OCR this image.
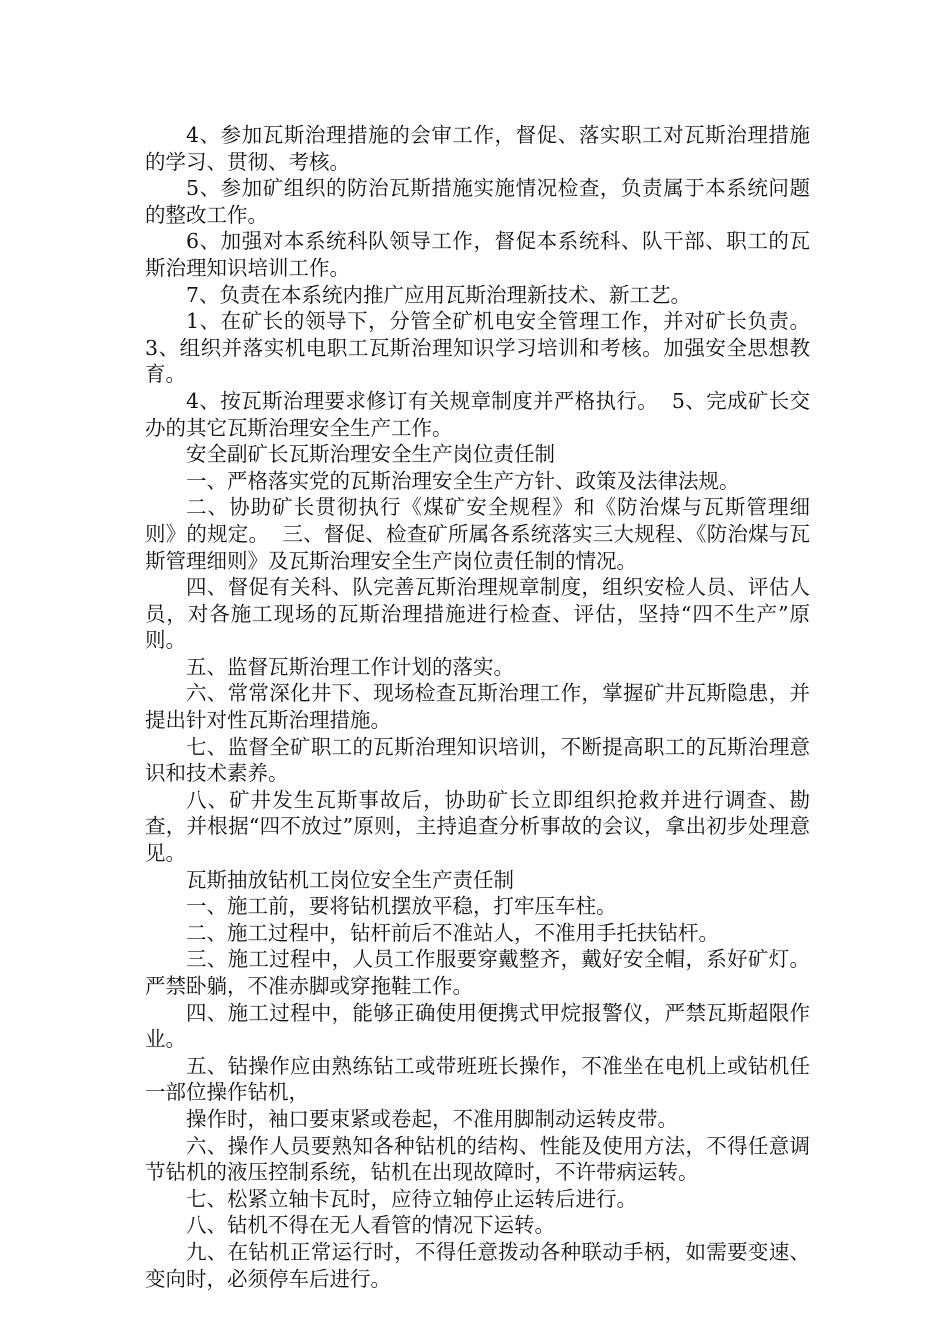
4、参加瓦斯治理措施的会审工作，督促、落实职工对瓦斯治理措施的学习、贯彻、考核。

5、参加矿组织的防治瓦斯措施实施情况检查，负责属于本系统问题的整改工作。

6、加强对本系统科队领导工作，督促本系统科、队干部、职工的瓦斯治理知识培训工作。

7、负责在本系统内推广应用瓦斯治理新技术、新工艺。

1、在矿长的领导下，分管全矿机电安全管理工作，并对矿长负责。  3、组织并落实机电职工瓦斯治理知识学习培训和考核。加强安全思想教育。

4、按瓦斯治理要求修订有关规章制度并严格执行。  5、完成矿长交办的其它瓦斯治理安全生产工作。

安全副矿长瓦斯治理安全生产岗位责任制

一、严格落实党的瓦斯治理安全生产方针、政策及法律法规。

二、协助矿长贯彻执行《煤矿安全规程》和《防治煤与瓦斯管理细则》的规定。  三、督促、检查矿所属各系统落实三大规程、《防治煤与瓦斯管理细则》及瓦斯治理安全生产岗位责任制的情况。

四、督促有关科、队完善瓦斯治理规章制度，组织安检人员、评估人员，对各施工现场的瓦斯治理措施进行检查、评估，坚持“四不生产”原则。

五、监督瓦斯治理工作计划的落实。

六、常常深化井下、现场检查瓦斯治理工作，掌握矿井瓦斯隐患，并提出针对性瓦斯治理措施。

七、监督全矿职工的瓦斯治理知识培训，不断提高职工的瓦斯治理意识和技术素养。

八、矿井发生瓦斯事故后，协助矿长立即组织抢救并进行调查、勘查，并根据“四不放过”原则，主持追查分析事故的会议，拿出初步处理意见。

瓦斯抽放钻机工岗位安全生产责任制

一、施工前，要将钻机摆放平稳，打牢压车柱。

二、施工过程中，钻杆前后不准站人，不准用手托扶钻杆。

三、施工过程中，人员工作服要穿戴整齐，戴好安全帽，系好矿灯。严禁卧躺，不准赤脚或穿拖鞋工作。

四、施工过程中，能够正确使用便携式甲烷报警仪，严禁瓦斯超限作业。

五、钻操作应由熟练钻工或带班班长操作，不准坐在电机上或钻机任一部位操作钻机，

操作时，袖口要束紧或卷起，不准用脚制动运转皮带。

六、操作人员要熟知各种钻机的结构、性能及使用方法，不得任意调节钻机的液压控制系统，钻机在出现故障时，不许带病运转。

七、松紧立轴卡瓦时，应待立轴停止运转后进行。

八、钻机不得在无人看管的情况下运转。

九、在钻机正常运行时，不得任意拨动各种联动手柄，如需要变速、变向时，必须停车后进行。
